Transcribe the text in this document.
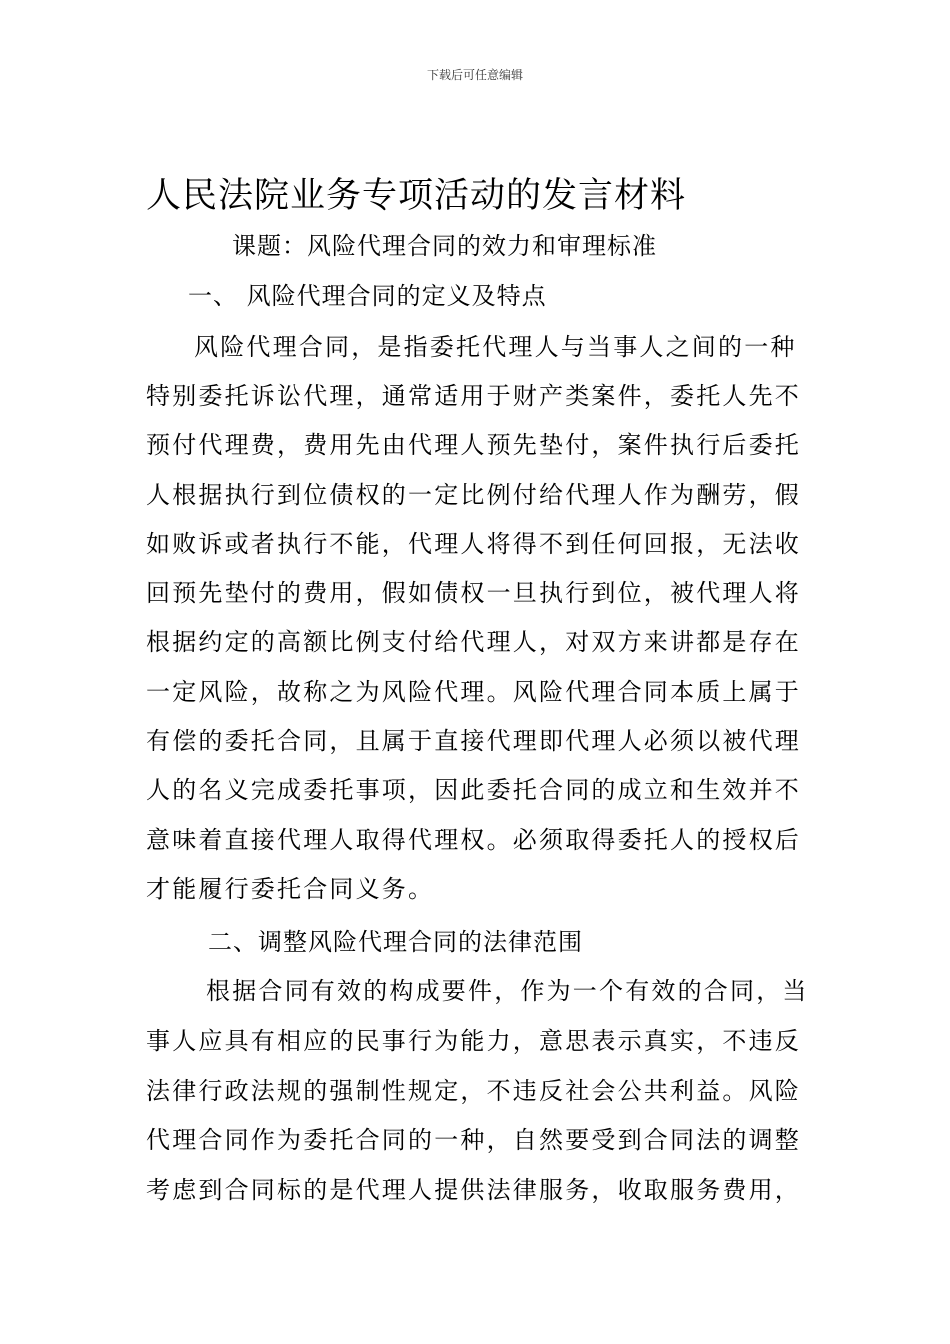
下载后可任意编辑
人民法院业务专项活动的发言材料
课题：风险代理合同的效力和审理标准
一、 风险代理合同的定义及特点
风险代理合同，是指委托代理人与当事人之间的一种
特别委托诉讼代理，通常适用于财产类案件，委托人先不
预付代理费，费用先由代理人预先垫付，案件执行后委托
人根据执行到位债权的一定比例付给代理人作为酬劳，假
如败诉或者执行不能，代理人将得不到任何回报，无法收
回预先垫付的费用，假如债权一旦执行到位，被代理人将
根据约定的高额比例支付给代理人，对双方来讲都是存在
一定风险，故称之为风险代理。风险代理合同本质上属于
有偿的委托合同，且属于直接代理即代理人必须以被代理
人的名义完成委托事项，因此委托合同的成立和生效并不
意味着直接代理人取得代理权。必须取得委托人的授权后
才能履行委托合同义务。
二、调整风险代理合同的法律范围
根据合同有效的构成要件，作为一个有效的合同，当
事人应具有相应的民事行为能力，意思表示真实，不违反
法律行政法规的强制性规定，不违反社会公共利益。风险
代理合同作为委托合同的一种，自然要受到合同法的调整
考虑到合同标的是代理人提供法律服务，收取服务费用，
